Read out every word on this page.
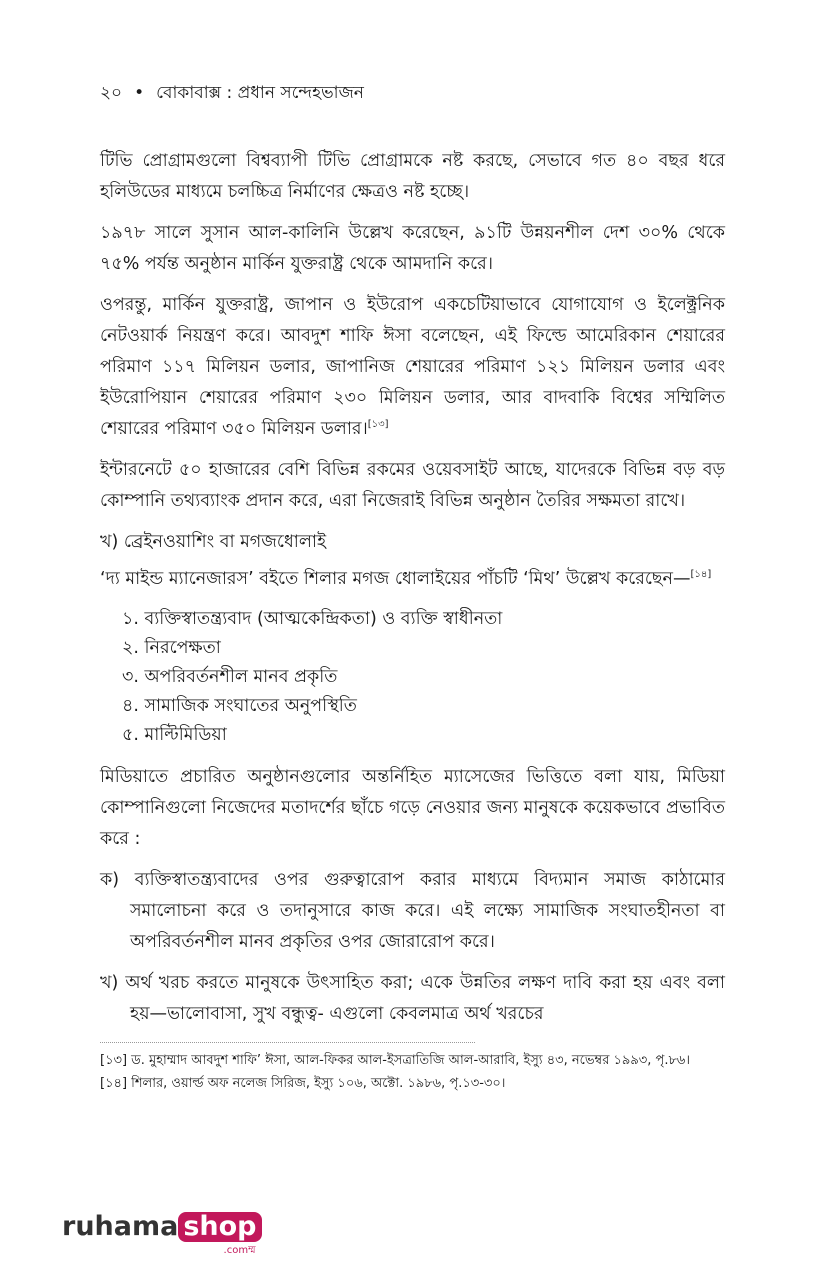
২০ • বোকাবাক্স : প্রধান সন্দেহভাজন

টিভি প্রোগ্রামগুলো বিশ্বব্যাপী টিভি প্রোগ্রামকে নষ্ট করছে, সেভাবে গত ৪০ বছর ধরে হলিউডের মাধ্যমে চলচ্চিত্র নির্মাণের ক্ষেত্রও নষ্ট হচ্ছে।

১৯৭৮ সালে সুসান আল-কালিনি উল্লেখ করেছেন, ৯১টি উন্নয়নশীল দেশ ৩০% থেকে ৭৫% পর্যন্ত অনুষ্ঠান মার্কিন যুক্তরাষ্ট্র থেকে আমদানি করে।

ওপরন্তু, মার্কিন যুক্তরাষ্ট্র, জাপান ও ইউরোপ একচেটিয়াভাবে যোগাযোগ ও ইলেক্ট্রনিক নেটওয়ার্ক নিয়ন্ত্রণ করে। আবদুশ শাফি ঈসা বলেছেন, এই ফিল্ডে আমেরিকান শেয়ারের পরিমাণ ১১৭ মিলিয়ন ডলার, জাপানিজ শেয়ারের পরিমাণ ১২১ মিলিয়ন ডলার এবং ইউরোপিয়ান শেয়ারের পরিমাণ ২৩০ মিলিয়ন ডলার, আর বাদবাকি বিশ্বের সম্মিলিত শেয়ারের পরিমাণ ৩৫০ মিলিয়ন ডলার।[১৩]

ইন্টারনেটে ৫০ হাজারের বেশি বিভিন্ন রকমের ওয়েবসাইট আছে, যাদেরকে বিভিন্ন বড় বড় কোম্পানি তথ্যব্যাংক প্রদান করে, এরা নিজেরাই বিভিন্ন অনুষ্ঠান তৈরির সক্ষমতা রাখে।

খ) ব্রেইনওয়াশিং বা মগজধোলাই

‘দ্য মাইন্ড ম্যানেজারস’ বইতে শিলার মগজ ধোলাইয়ের পাঁচটি ‘মিথ’ উল্লেখ করেছেন—[১৪]

১. ব্যক্তিস্বাতন্ত্র্যবাদ (আত্মকেন্দ্রিকতা) ও ব্যক্তি স্বাধীনতা
২. নিরপেক্ষতা
৩. অপরিবর্তনশীল মানব প্রকৃতি
৪. সামাজিক সংঘাতের অনুপস্থিতি
৫. মাল্টিমিডিয়া

মিডিয়াতে প্রচারিত অনুষ্ঠানগুলোর অন্তর্নিহিত ম্যাসেজের ভিত্তিতে বলা যায়, মিডিয়া কোম্পানিগুলো নিজেদের মতাদর্শের ছাঁচে গড়ে নেওয়ার জন্য মানুষকে কয়েকভাবে প্রভাবিত করে :

ক) ব্যক্তিস্বাতন্ত্র্যবাদের ওপর গুরুত্বারোপ করার মাধ্যমে বিদ্যমান সমাজ কাঠামোর সমালোচনা করে ও তদানুসারে কাজ করে। এই লক্ষ্যে সামাজিক সংঘাতহীনতা বা অপরিবর্তনশীল মানব প্রকৃতির ওপর জোরারোপ করে।

খ) অর্থ খরচ করতে মানুষকে উৎসাহিত করা; একে উন্নতির লক্ষণ দাবি করা হয় এবং বলা হয়—ভালোবাসা, সুখ বন্ধুত্ব- এগুলো কেবলমাত্র অর্থ খরচের

[১৩] ড. মুহাম্মাদ আবদুশ শাফি’ ঈসা, আল-ফিকর আল-ইসত্রাতিজি আল-আরাবি, ইস্যু ৪৩, নভেম্বর ১৯৯৩, পৃ.৮৬।
[১৪] শিলার, ওয়ার্ল্ড অফ নলেজ সিরিজ, ইস্যু ১০৬, অক্টো. ১৯৮৬, পৃ.১৩-৩০।
ruhama shop
.comম্ম
